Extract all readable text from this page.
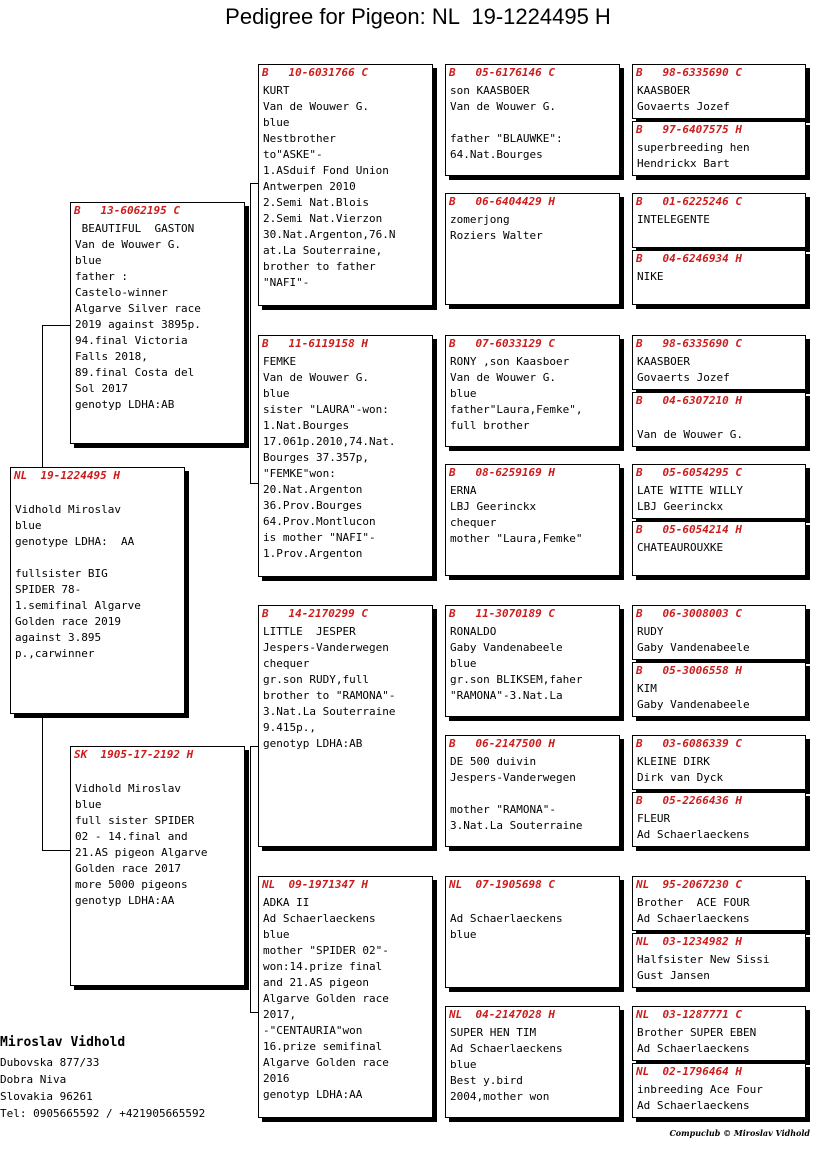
Pedigree for Pigeon: NL  19-1224495 H
NL  19-1224495 H
Vidhold Miroslav
blue
genotype LDHA:  AA
fullsister BIG
SPIDER 78-
1.semifinal Algarve
Golden race 2019
against 3.895
p.,carwinner
B   13-6062195 C
BEAUTIFUL  GASTON
Van de Wouwer G.
blue
father :
Castelo-winner
Algarve Silver race
2019 against 3895p.
94.final Victoria
Falls 2018,
89.final Costa del
Sol 2017
genotyp LDHA:AB
SK  1905-17-2192 H
Vidhold Miroslav
blue
full sister SPIDER
02 - 14.final and
21.AS pigeon Algarve
Golden race 2017
more 5000 pigeons
genotyp LDHA:AA
B   10-6031766 C
KURT
Van de Wouwer G.
blue
Nestbrother
to"ASKE"-
1.ASduif Fond Union
Antwerpen 2010
2.Semi Nat.Blois
2.Semi Nat.Vierzon
30.Nat.Argenton,76.N
at.La Souterraine,
brother to father
"NAFI"-
B   11-6119158 H
FEMKE
Van de Wouwer G.
blue
sister "LAURA"-won:
1.Nat.Bourges
17.061p.2010,74.Nat.
Bourges 37.357p,
"FEMKE"won:
20.Nat.Argenton
36.Prov.Bourges
64.Prov.Montlucon
is mother "NAFI"-
1.Prov.Argenton
B   14-2170299 C
LITTLE  JESPER
Jespers-Vanderwegen
chequer
gr.son RUDY,full
brother to "RAMONA"-
3.Nat.La Souterraine
9.415p.,
genotyp LDHA:AB
NL  09-1971347 H
ADKA II
Ad Schaerlaeckens
blue
mother "SPIDER 02"-
won:14.prize final
and 21.AS pigeon
Algarve Golden race
2017,
-"CENTAURIA"won
16.prize semifinal
Algarve Golden race
2016
genotyp LDHA:AA
B   05-6176146 C
son KAASBOER
Van de Wouwer G.
father "BLAUWKE":
64.Nat.Bourges
B   06-6404429 H
zomerjong
Roziers Walter
B   07-6033129 C
RONY ,son Kaasboer
Van de Wouwer G.
blue
father"Laura,Femke",
full brother
B   08-6259169 H
ERNA
LBJ Geerinckx
chequer
mother "Laura,Femke"
B   11-3070189 C
RONALDO
Gaby Vandenabeele
blue
gr.son BLIKSEM,faher
"RAMONA"-3.Nat.La
B   06-2147500 H
DE 500 duivin
Jespers-Vanderwegen
mother "RAMONA"-
3.Nat.La Souterraine
NL  07-1905698 C
Ad Schaerlaeckens
blue
NL  04-2147028 H
SUPER HEN TIM
Ad Schaerlaeckens
blue
Best y.bird
2004,mother won
B   98-6335690 C
KAASBOER
Govaerts Jozef
B   97-6407575 H
superbreeding hen
Hendrickx Bart
B   01-6225246 C
INTELEGENTE
B   04-6246934 H
NIKE
B   98-6335690 C
KAASBOER
Govaerts Jozef
B   04-6307210 H
Van de Wouwer G.
B   05-6054295 C
LATE WITTE WILLY
LBJ Geerinckx
B   05-6054214 H
CHATEAUROUXKE
B   06-3008003 C
RUDY
Gaby Vandenabeele
B   05-3006558 H
KIM
Gaby Vandenabeele
B   03-6086339 C
KLEINE DIRK
Dirk van Dyck
B   05-2266436 H
FLEUR
Ad Schaerlaeckens
NL  95-2067230 C
Brother  ACE FOUR
Ad Schaerlaeckens
NL  03-1234982 H
Halfsister New Sissi
Gust Jansen
NL  03-1287771 C
Brother SUPER EBEN
Ad Schaerlaeckens
NL  02-1796464 H
inbreeding Ace Four
Ad Schaerlaeckens
Miroslav Vidhold
Dubovska 877/33
Dobra Niva
Slovakia 96261
Tel: 0905665592 / +421905665592
Compuclub © Miroslav Vidhold
